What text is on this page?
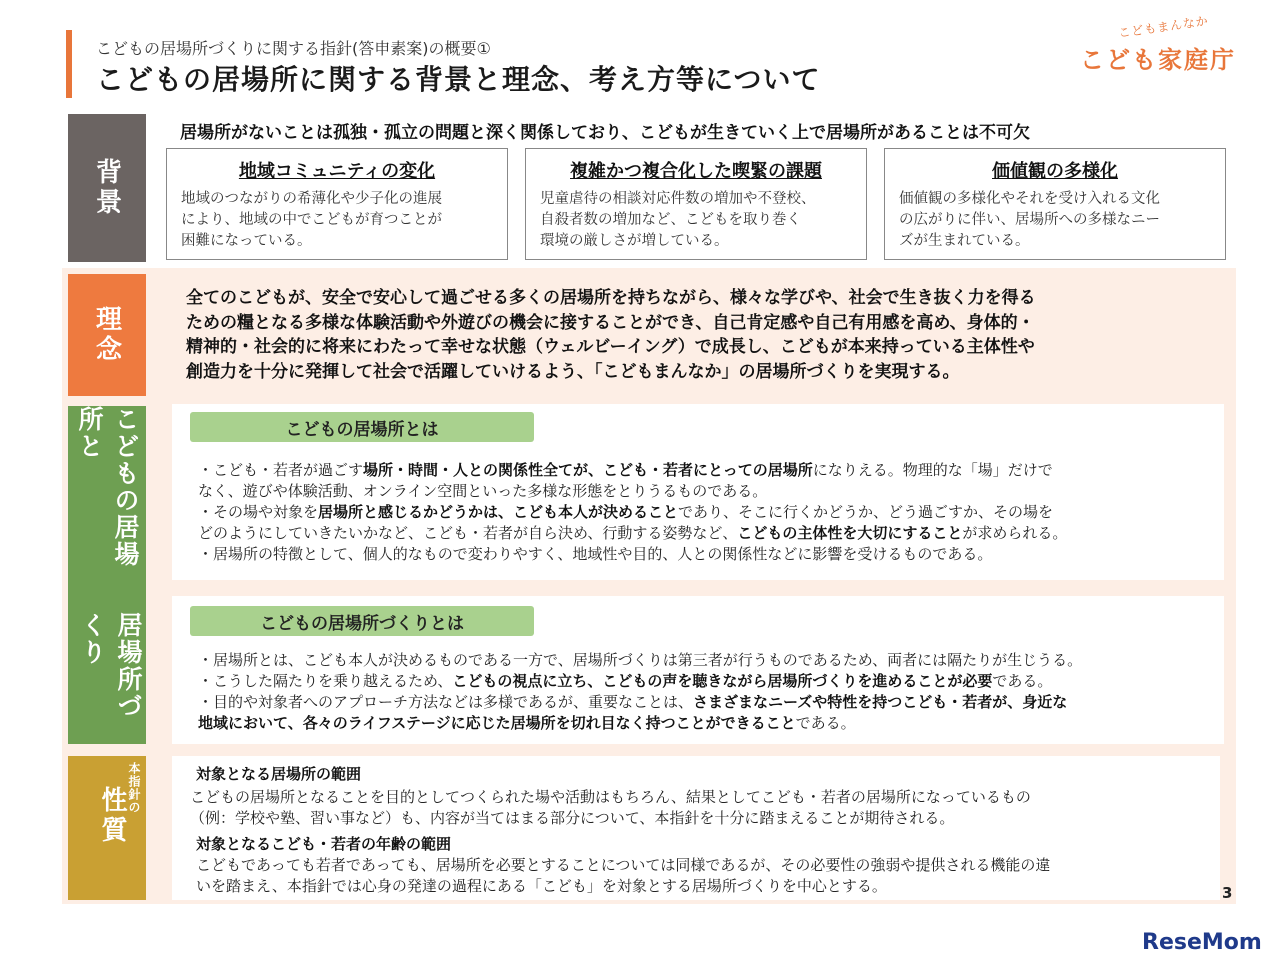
こどもの居場所づくりに関する指針(答申素案)の概要①
こどもの居場所に関する背景と理念、考え方等について
こどもまんなか
こども家庭庁
背景
居場所がないことは孤独・孤立の問題と深く関係しており、こどもが生きていく上で居場所があることは不可欠
地域コミュニティの変化
地域のつながりの希薄化や少子化の進展
により、地域の中でこどもが育つことが
困難になっている。
複雑かつ複合化した喫緊の課題
児童虐待の相談対応件数の増加や不登校、
自殺者数の増加など、こどもを取り巻く
環境の厳しさが増している。
価値観の多様化
価値観の多様化やそれを受け入れる文化
の広がりに伴い、居場所への多様なニー
ズが生まれている。
理念
全てのこどもが、安全で安心して過ごせる多くの居場所を持ちながら、様々な学びや、社会で生き抜く力を得る
ための糧となる多様な体験活動や外遊びの機会に接することができ、自己肯定感や自己有用感を高め、身体的・
精神的・社会的に将来にわたって幸せな状態（ウェルビーイング）で成長し、こどもが本来持っている主体性や
創造力を十分に発揮して社会で活躍していけるよう、「こどもまんなか」の居場所づくりを実現する。
こどもの居場所と
居場所づくり
こどもの居場所とは
・こども・若者が過ごす場所・時間・人との関係性全てが、こども・若者にとっての居場所になりえる。物理的な「場」だけで
なく、遊びや体験活動、オンライン空間といった多様な形態をとりうるものである。
・その場や対象を居場所と感じるかどうかは、こども本人が決めることであり、そこに行くかどうか、どう過ごすか、その場を
どのようにしていきたいかなど、こども・若者が自ら決め、行動する姿勢など、こどもの主体性を大切にすることが求められる。
・居場所の特徴として、個人的なもので変わりやすく、地域性や目的、人との関係性などに影響を受けるものである。
こどもの居場所づくりとは
・居場所とは、こども本人が決めるものである一方で、居場所づくりは第三者が行うものであるため、両者には隔たりが生じうる。
・こうした隔たりを乗り越えるため、こどもの視点に立ち、こどもの声を聴きながら居場所づくりを進めることが必要である。
・目的や対象者へのアプローチ方法などは多様であるが、重要なことは、さまざまなニーズや特性を持つこども・若者が、身近な
地域において、各々のライフステージに応じた居場所を切れ目なく持つことができることである。
性質 本指針の	対象となる居場所の範囲
こどもの居場所となることを目的としてつくられた場や活動はもちろん、結果としてこども・若者の居場所になっているもの
（例：学校や塾、習い事など）も、内容が当てはまる部分について、本指針を十分に踏まえることが期待される。
対象となるこども・若者の年齢の範囲
こどもであっても若者であっても、居場所を必要とすることについては同様であるが、その必要性の強弱や提供される機能の違
いを踏まえ、本指針では心身の発達の過程にある「こども」を対象とする居場所づくりを中心とする。	3
ReseMom
